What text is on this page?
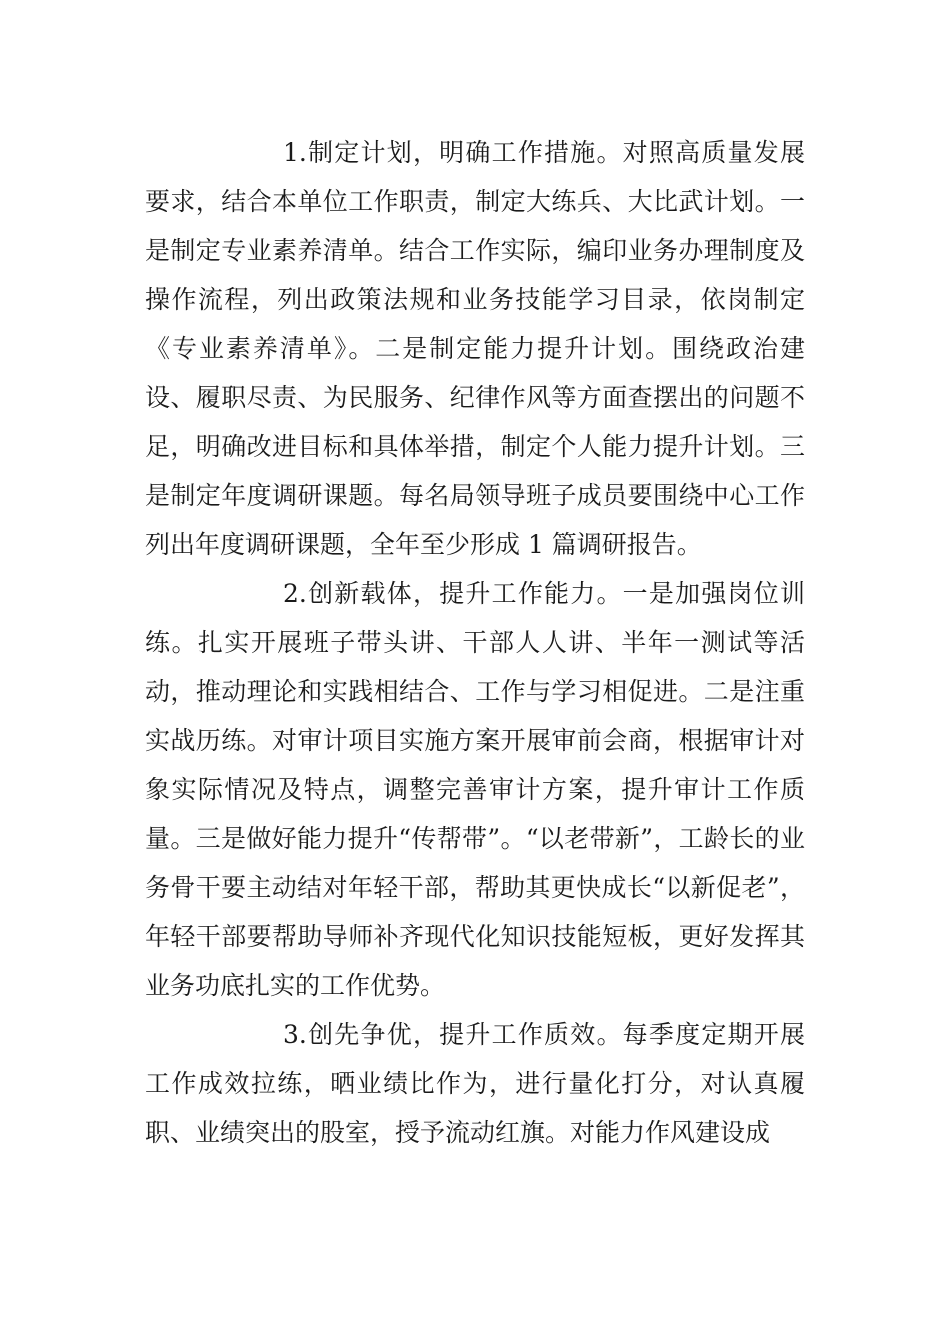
1.制定计划，明确工作措施。对照高质量发展要求，结合本单位工作职责，制定大练兵、大比武计划。一是制定专业素养清单。结合工作实际，编印业务办理制度及操作流程，列出政策法规和业务技能学习目录，依岗制定《专业素养清单》。二是制定能力提升计划。围绕政治建设、履职尽责、为民服务、纪律作风等方面查摆出的问题不足，明确改进目标和具体举措，制定个人能力提升计划。三是制定年度调研课题。每名局领导班子成员要围绕中心工作列出年度调研课题，全年至少形成 1 篇调研报告。

2.创新载体，提升工作能力。一是加强岗位训练。扎实开展班子带头讲、干部人人讲、半年一测试等活动，推动理论和实践相结合、工作与学习相促进。二是注重实战历练。对审计项目实施方案开展审前会商，根据审计对象实际情况及特点，调整完善审计方案，提升审计工作质量。三是做好能力提升“传帮带”。“以老带新”，工龄长的业务骨干要主动结对年轻干部，帮助其更快成长“以新促老”，年轻干部要帮助导师补齐现代化知识技能短板，更好发挥其业务功底扎实的工作优势。

3.创先争优，提升工作质效。每季度定期开展工作成效拉练，晒业绩比作为，进行量化打分，对认真履职、业绩突出的股室，授予流动红旗。对能力作风建设成
